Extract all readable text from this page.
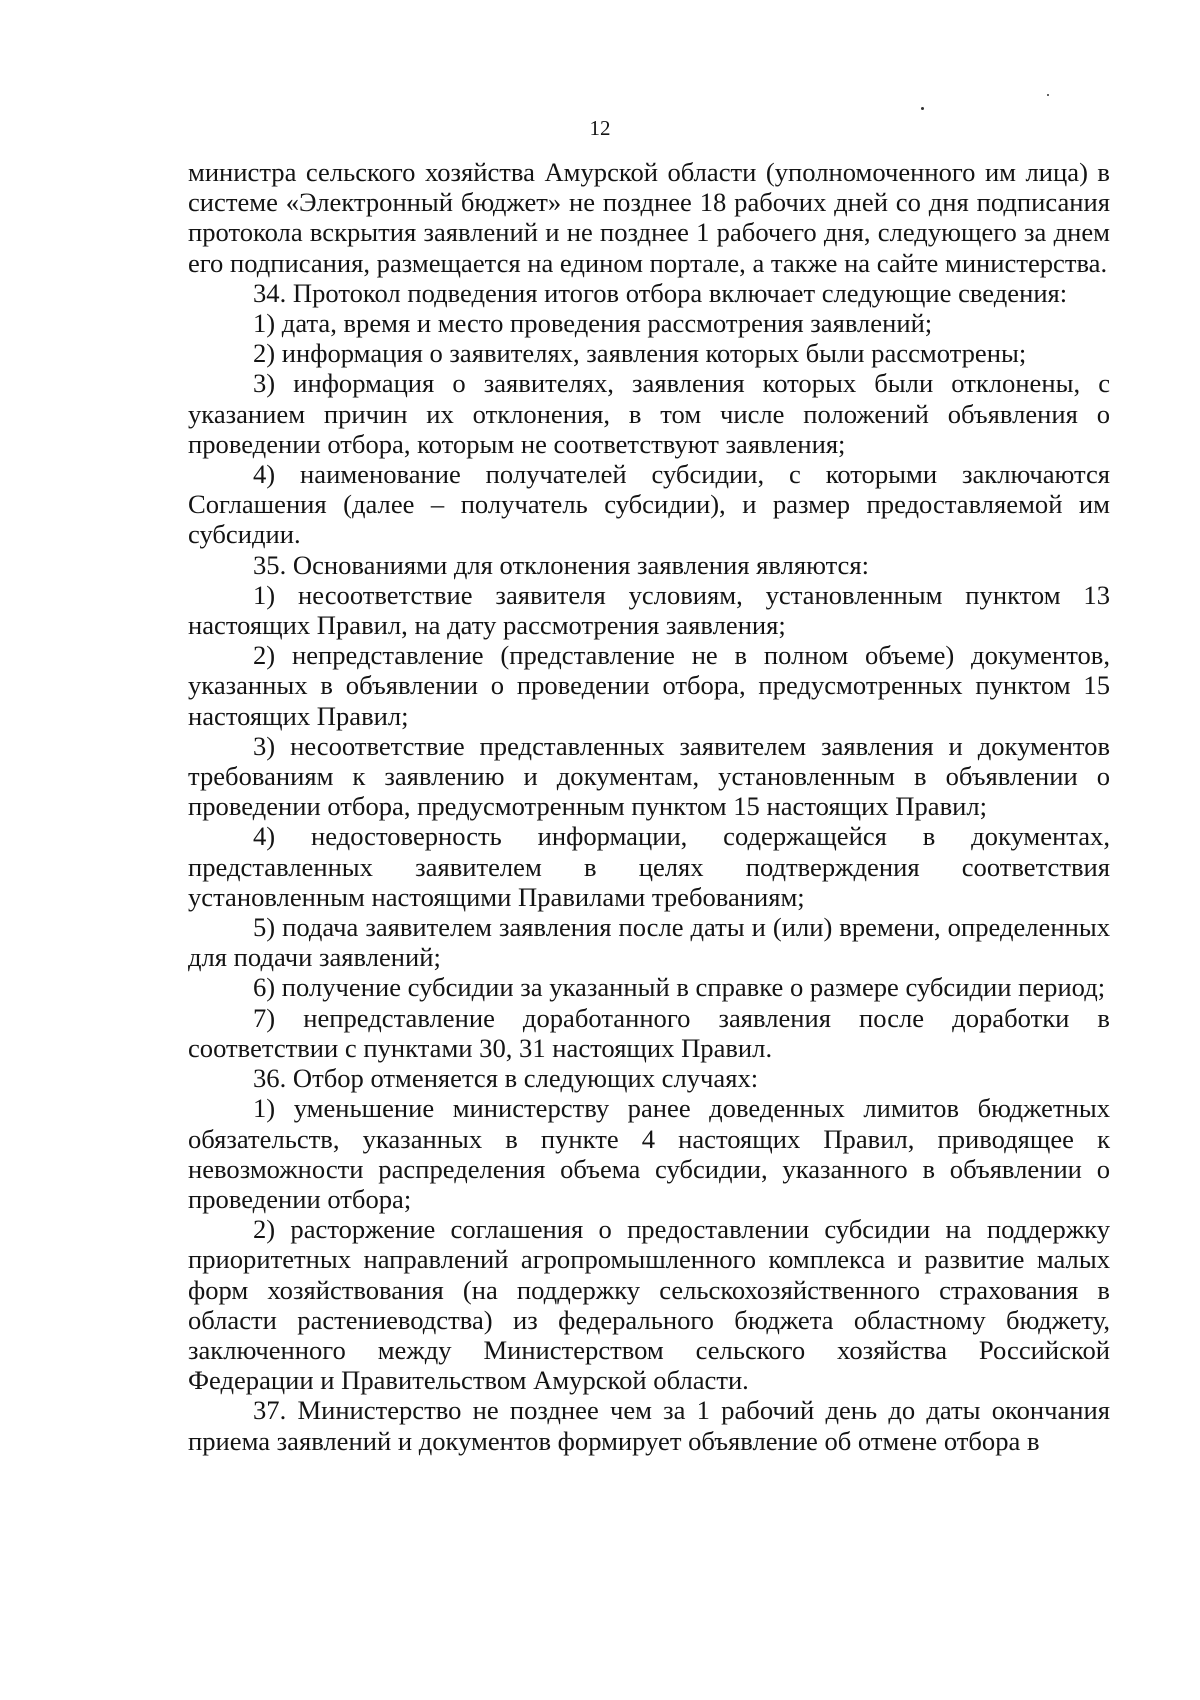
12

министра сельского хозяйства Амурской области (уполномоченного им лица) в системе «Электронный бюджет» не позднее 18 рабочих дней со дня подписания протокола вскрытия заявлений и не позднее 1 рабочего дня, следующего за днем его подписания, размещается на едином портале, а также на сайте министерства.

34. Протокол подведения итогов отбора включает следующие сведения:

1) дата, время и место проведения рассмотрения заявлений;

2) информация о заявителях, заявления которых были рассмотрены;

3) информация о заявителях, заявления которых были отклонены, с указанием причин их отклонения, в том числе положений объявления о проведении отбора, которым не соответствуют заявления;

4) наименование получателей субсидии, с которыми заключаются Соглашения (далее – получатель субсидии), и размер предоставляемой им субсидии.

35. Основаниями для отклонения заявления являются:

1) несоответствие заявителя условиям, установленным пунктом 13 настоящих Правил, на дату рассмотрения заявления;

2) непредставление (представление не в полном объеме) документов, указанных в объявлении о проведении отбора, предусмотренных пунктом 15 настоящих Правил;

3) несоответствие представленных заявителем заявления и документов требованиям к заявлению и документам, установленным в объявлении о проведении отбора, предусмотренным пунктом 15 настоящих Правил;

4) недостоверность информации, содержащейся в документах, представленных заявителем в целях подтверждения соответствия установленным настоящими Правилами требованиям;

5) подача заявителем заявления после даты и (или) времени, определенных для подачи заявлений;

6) получение субсидии за указанный в справке о размере субсидии период;

7) непредставление доработанного заявления после доработки в соответствии с пунктами 30, 31 настоящих Правил.

36. Отбор отменяется в следующих случаях:

1) уменьшение министерству ранее доведенных лимитов бюджетных обязательств, указанных в пункте 4 настоящих Правил, приводящее к невозможности распределения объема субсидии, указанного в объявлении о проведении отбора;

2) расторжение соглашения о предоставлении субсидии на поддержку приоритетных направлений агропромышленного комплекса и развитие малых форм хозяйствования (на поддержку сельскохозяйственного страхования в области растениеводства) из федерального бюджета областному бюджету, заключенного между Министерством сельского хозяйства Российской Федерации и Правительством Амурской области.

37. Министерство не позднее чем за 1 рабочий день до даты окончания приема заявлений и документов формирует объявление об отмене отбора в
